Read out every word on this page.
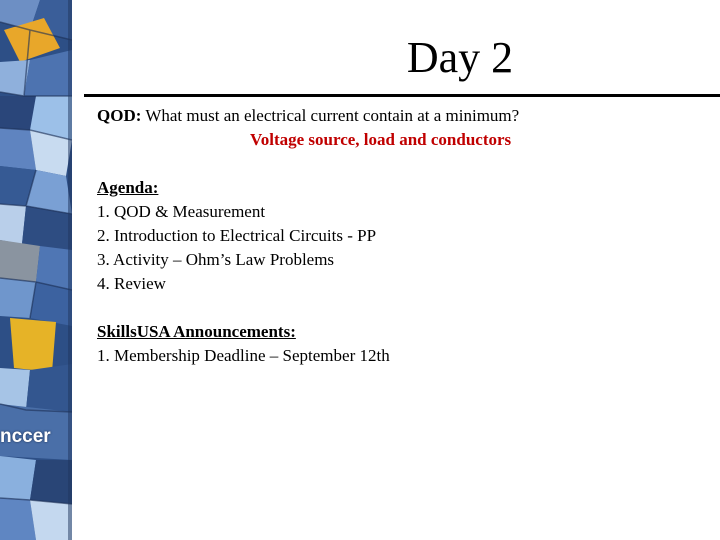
nccer
Day 2
QOD: What must an electrical current contain at a minimum?
Voltage source, load and conductors
Agenda:
1. QOD & Measurement
2. Introduction to Electrical Circuits - PP
3. Activity – Ohm’s Law Problems
4. Review
SkillsUSA Announcements:
1. Membership Deadline – September 12th
